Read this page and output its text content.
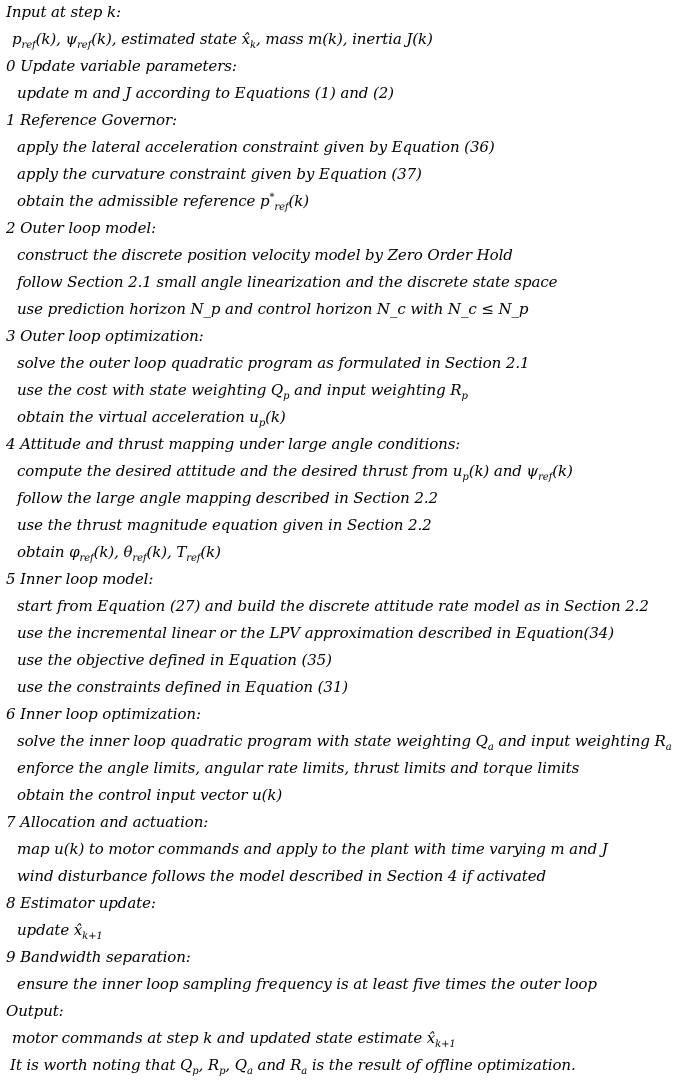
Input at step k:
$p_{ref}(k)$, $\psi_{ref}(k)$, estimated state $x̂_k$, mass m(k), inertia J(k)
0 Update variable parameters:
update m and J according to Equations (1) and (2)
1 Reference Governor:
apply the lateral acceleration constraint given by Equation (36)
apply the curvature constraint given by Equation (37)
obtain the admissible reference $p^*_{ref}(k)$
2 Outer loop model:
construct the discrete position velocity model by Zero Order Hold
follow Section 2.1 small angle linearization and the discrete state space
use prediction horizon N_p and control horizon N_c with N_c ≤ N_p
3 Outer loop optimization:
solve the outer loop quadratic program as formulated in Section 2.1
use the cost with state weighting $Q_p$ and input weighting $R_p$
obtain the virtual acceleration $u_p(k)$
4 Attitude and thrust mapping under large angle conditions:
compute the desired attitude and the desired thrust from $u_p(k)$ and $\psi_{ref}(k)$
follow the large angle mapping described in Section 2.2
use the thrust magnitude equation given in Section 2.2
obtain $\varphi_{ref}(k)$, $\theta_{ref}(k)$, $T_{ref}(k)$
5 Inner loop model:
start from Equation (27) and build the discrete attitude rate model as in Section 2.2
use the incremental linear or the LPV approximation described in Equation(34)
use the objective defined in Equation (35)
use the constraints defined in Equation (31)
6 Inner loop optimization:
solve the inner loop quadratic program with state weighting $Q_a$ and input weighting $R_a$
enforce the angle limits, angular rate limits, thrust limits and torque limits
obtain the control input vector u(k)
7 Allocation and actuation:
map u(k) to motor commands and apply to the plant with time varying m and J
wind disturbance follows the model described in Section 4 if activated
8 Estimator update:
update $x̂_{k+1}$
9 Bandwidth separation:
ensure the inner loop sampling frequency is at least five times the outer loop
Output:
motor commands at step k and updated state estimate $x̂_{k+1}$
It is worth noting that $Q_p$, $R_p$, $Q_a$ and $R_a$ is the result of offline optimization.
